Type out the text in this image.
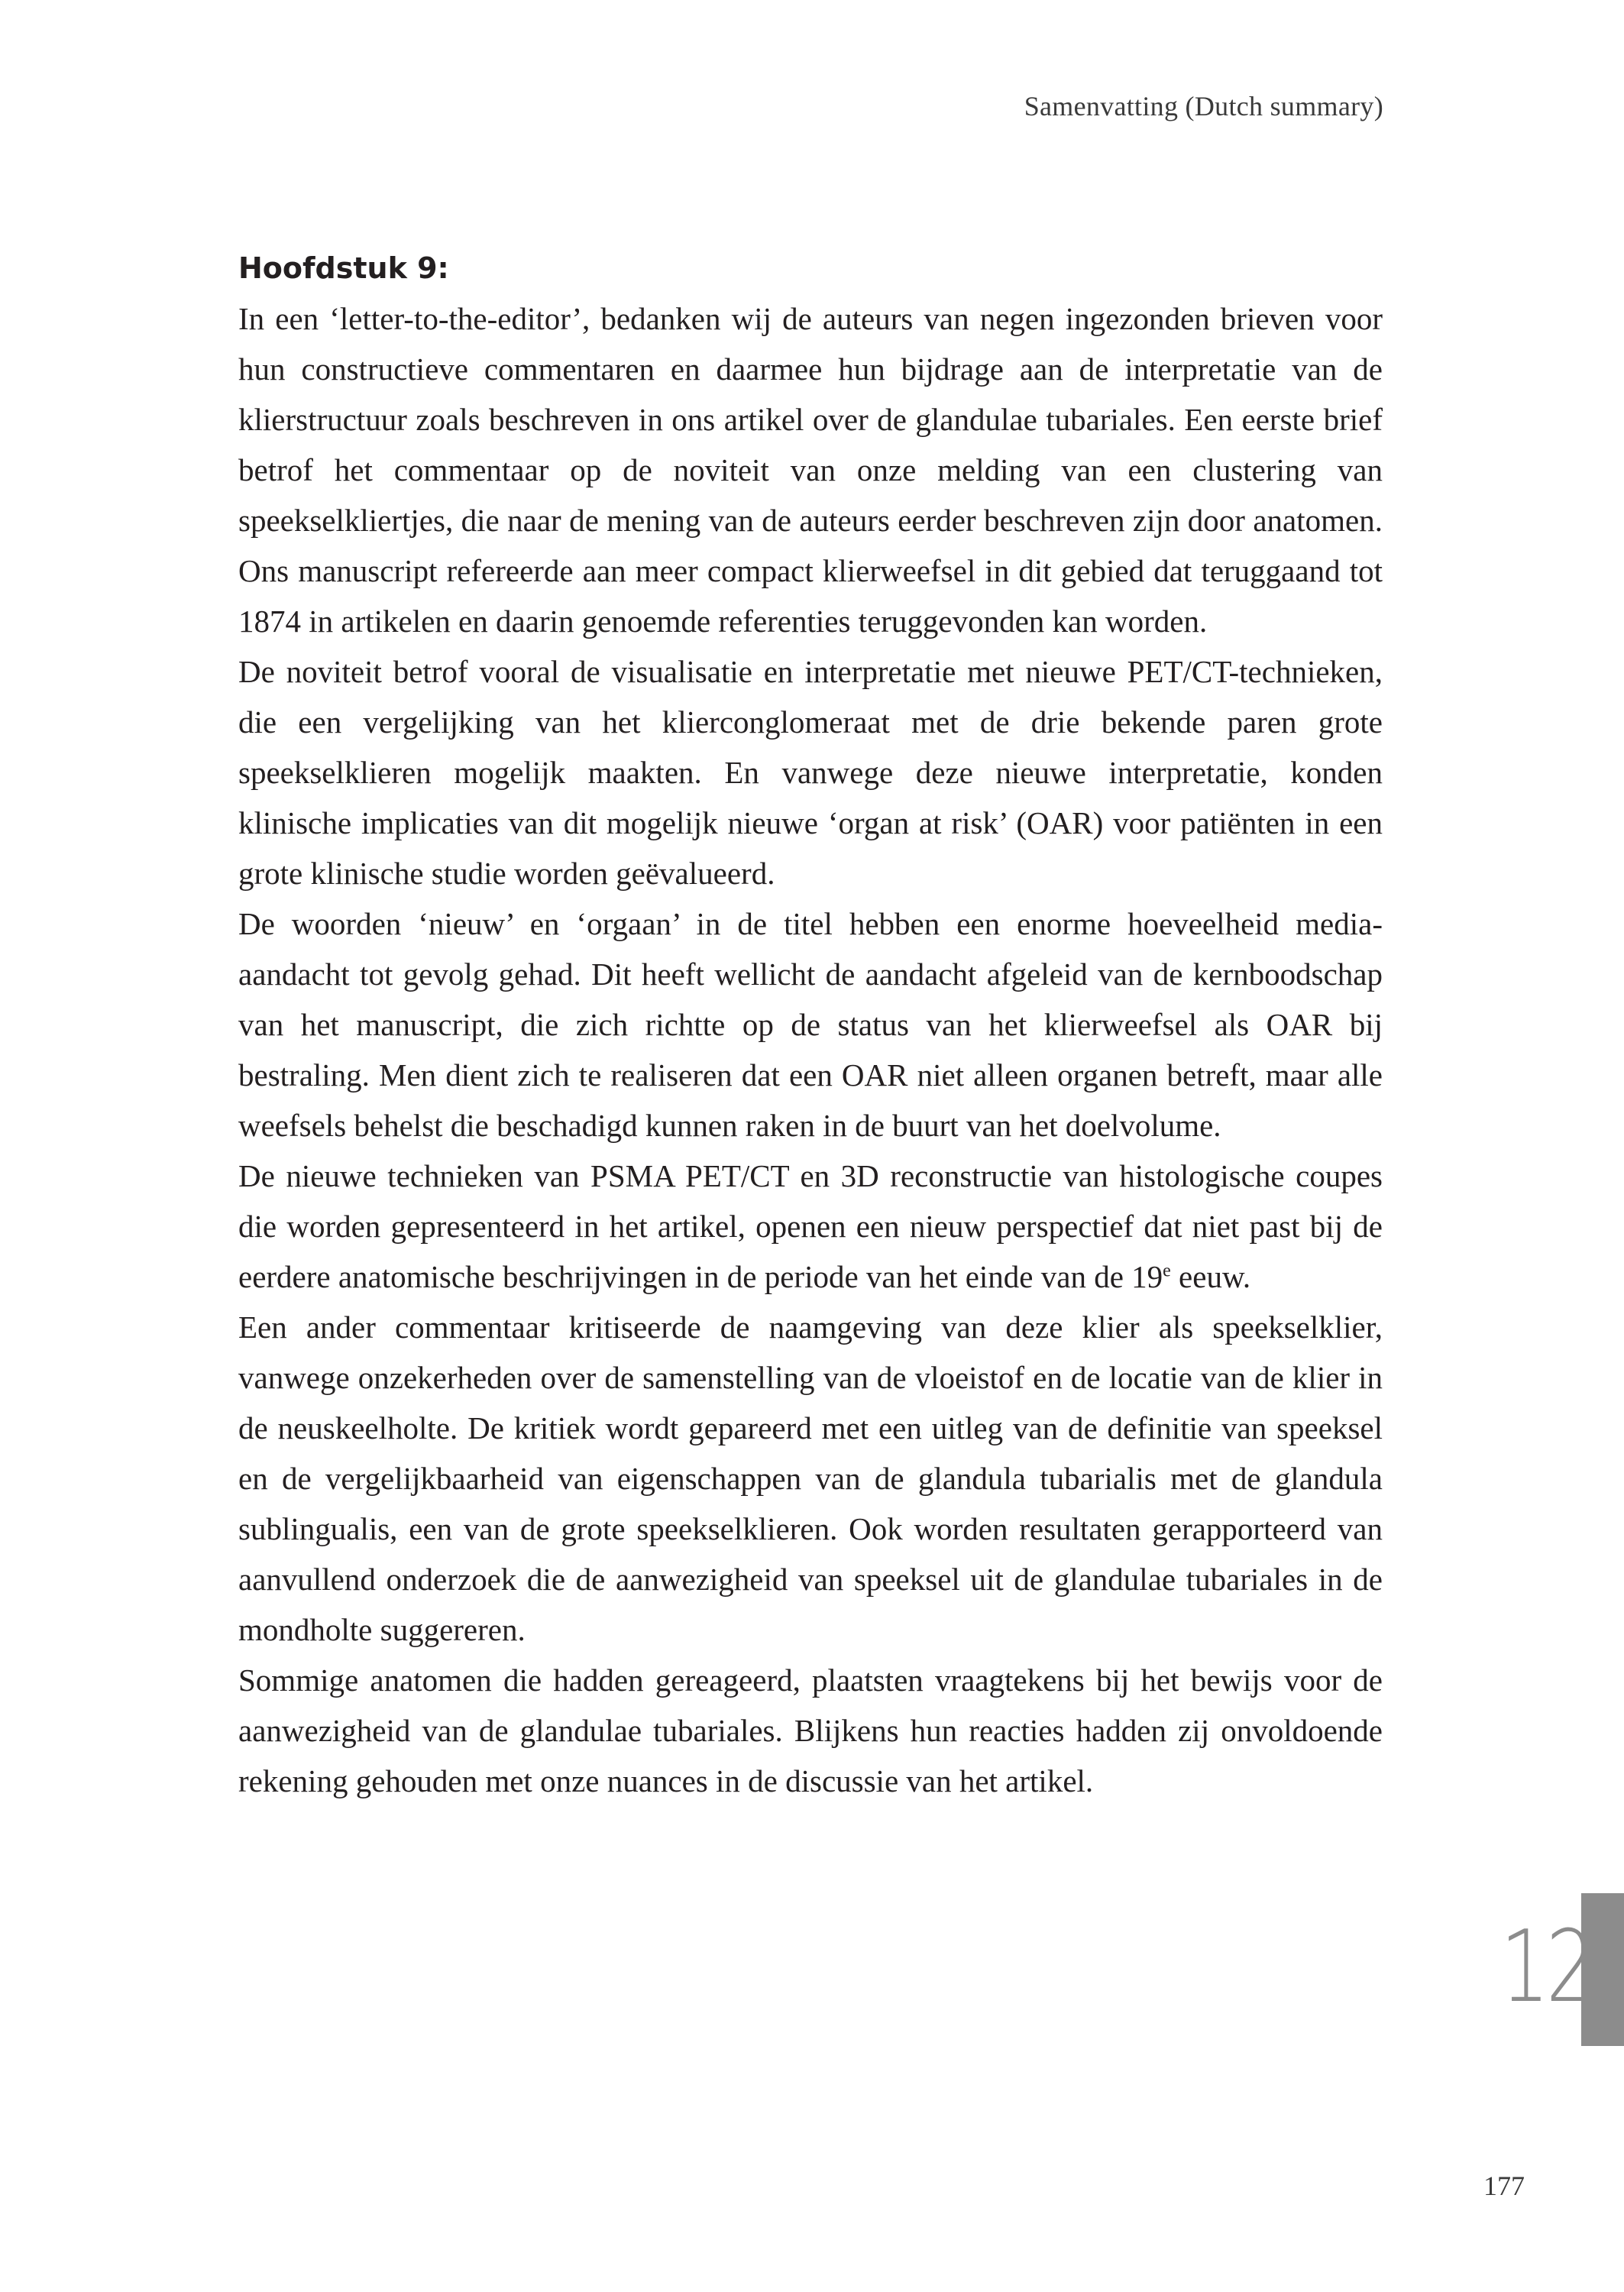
Samenvatting (Dutch summary)
Hoofdstuk 9:

In een ‘letter-to-the-editor’, bedanken wij de auteurs van negen ingezonden brieven voor hun constructieve commentaren en daarmee hun bijdrage aan de interpretatie van de klierstructuur zoals beschreven in ons artikel over de glandulae tubariales. Een eerste brief betrof het commentaar op de noviteit van onze melding van een clustering van speekselkliertjes, die naar de mening van de auteurs eerder beschreven zijn door anatomen. Ons manuscript refereerde aan meer compact klierweefsel in dit gebied dat teruggaand tot 1874 in artikelen en daarin genoemde referenties teruggevonden kan worden.

De noviteit betrof vooral de visualisatie en interpretatie met nieuwe PET/CT-technieken, die een vergelijking van het klierconglomeraat met de drie bekende paren grote speekselklieren mogelijk maakten. En vanwege deze nieuwe interpretatie, konden klinische implicaties van dit mogelijk nieuwe ‘organ at risk’ (OAR) voor patiënten in een grote klinische studie worden geëvalueerd.

De woorden ‘nieuw’ en ‘orgaan’ in de titel hebben een enorme hoeveelheid media-aandacht tot gevolg gehad. Dit heeft wellicht de aandacht afgeleid van de kernboodschap van het manuscript, die zich richtte op de status van het klierweefsel als OAR bij bestraling. Men dient zich te realiseren dat een OAR niet alleen organen betreft, maar alle weefsels behelst die beschadigd kunnen raken in de buurt van het doelvolume.

De nieuwe technieken van PSMA PET/CT en 3D reconstructie van histologische coupes die worden gepresenteerd in het artikel, openen een nieuw perspectief dat niet past bij de eerdere anatomische beschrijvingen in de periode van het einde van de 19e eeuw.

Een ander commentaar kritiseerde de naamgeving van deze klier als speekselklier, vanwege onzekerheden over de samenstelling van de vloeistof en de locatie van de klier in de neuskeelholte. De kritiek wordt gepareerd met een uitleg van de definitie van speeksel en de vergelijkbaarheid van eigenschappen van de glandula tubarialis met de glandula sublingualis, een van de grote speekselklieren. Ook worden resultaten gerapporteerd van aanvullend onderzoek die de aanwezigheid van speeksel uit de glandulae tubariales in de mondholte suggereren.

Sommige anatomen die hadden gereageerd, plaatsten vraagtekens bij het bewijs voor de aanwezigheid van de glandulae tubariales. Blijkens hun reacties hadden zij onvoldoende rekening gehouden met onze nuances in de discussie van het artikel.

12
177
